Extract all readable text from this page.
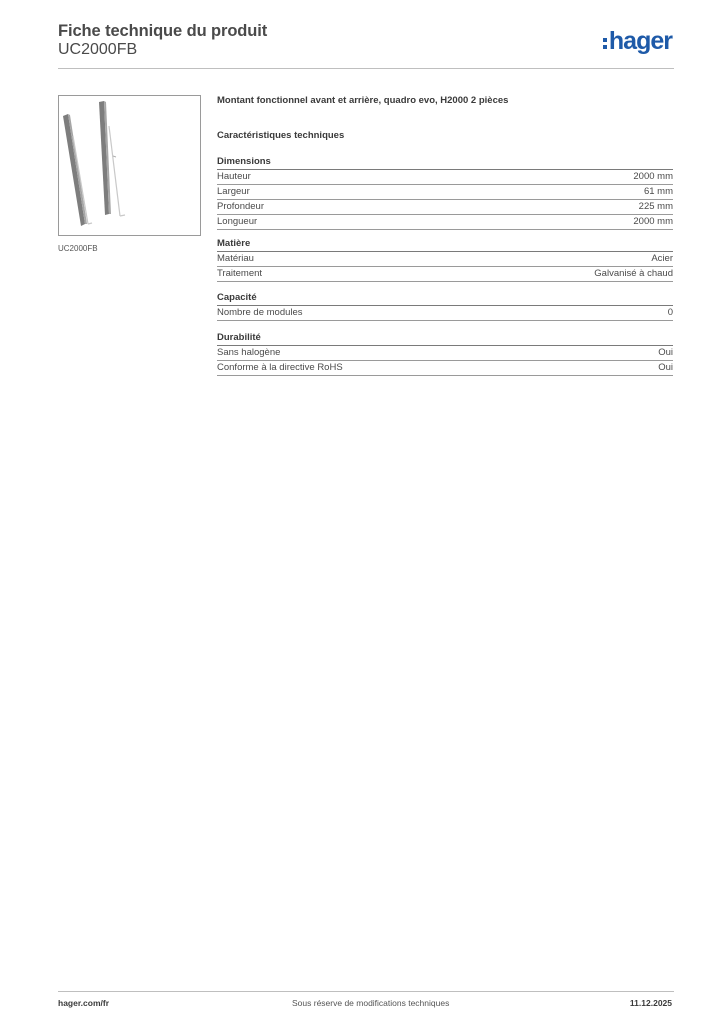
Fiche technique du produit
UC2000FB	hager
UC2000FB
Montant fonctionnel avant et arrière, quadro evo, H2000 2 pièces
Caractéristiques techniques
Dimensions
Hauteur	2000 mm
Largeur	61 mm
Profondeur	225 mm
Longueur	2000 mm
Matière
Matériau	Acier
Traitement	Galvanisé à chaud
Capacité
Nombre de modules	0
Durabilité
Sans halogène	Oui
Conforme à la directive RoHS	Oui
hager.com/fr	Sous réserve de modifications techniques	11.12.2025
